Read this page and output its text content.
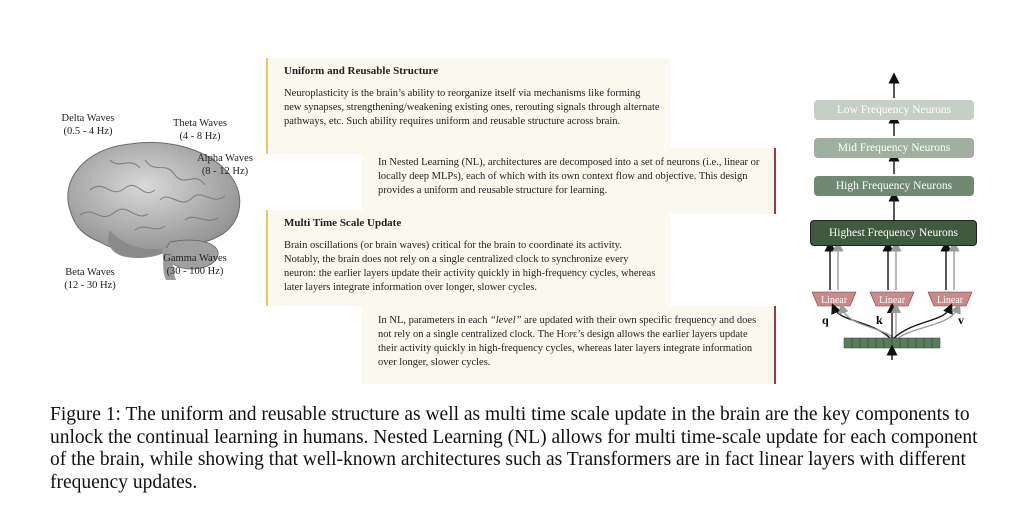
Delta Waves
(0.5 - 4 Hz)
Theta Waves
(4 - 8 Hz)
Alpha Waves
(8 - 12 Hz)
Gamma Waves
(30 - 100 Hz)
Beta Waves
(12 - 30 Hz)
Uniform and Reusable Structure

Neuroplasticity is the brain’s ability to reorganize itself via mechanisms like forming new synapses, strengthening/weakening existing ones, rerouting signals through alternate pathways, etc. Such ability requires uniform and reusable structure across brain.

In Nested Learning (NL), architectures are decomposed into a set of neurons (i.e., linear or locally deep MLPs), each of which with its own context flow and objective. This design provides a uniform and reusable structure for learning.

Multi Time Scale Update

Brain oscillations (or brain waves) critical for the brain to coordinate its activity. Notably, the brain does not rely on a single centralized clock to synchronize every neuron: the earlier layers update their activity quickly in high-frequency cycles, whereas later layers integrate information over longer, slower cycles.

In NL, parameters in each “level” are updated with their own specific frequency and does not rely on a single centralized clock. The Hope’s design allows the earlier layers update their activity quickly in high-frequency cycles, whereas later layers integrate information over longer, slower cycles.

Linear	Linear	Linear
q	k	v
Low Frequency Neurons
Mid Frequency Neurons
High Frequency Neurons
Highest Frequency Neurons
Figure 1: The uniform and reusable structure as well as multi time scale update in the brain are the key components to unlock the continual learning in humans. Nested Learning (NL) allows for multi time-scale update for each component of the brain, while showing that well-known architectures such as Transformers are in fact linear layers with different frequency updates.
